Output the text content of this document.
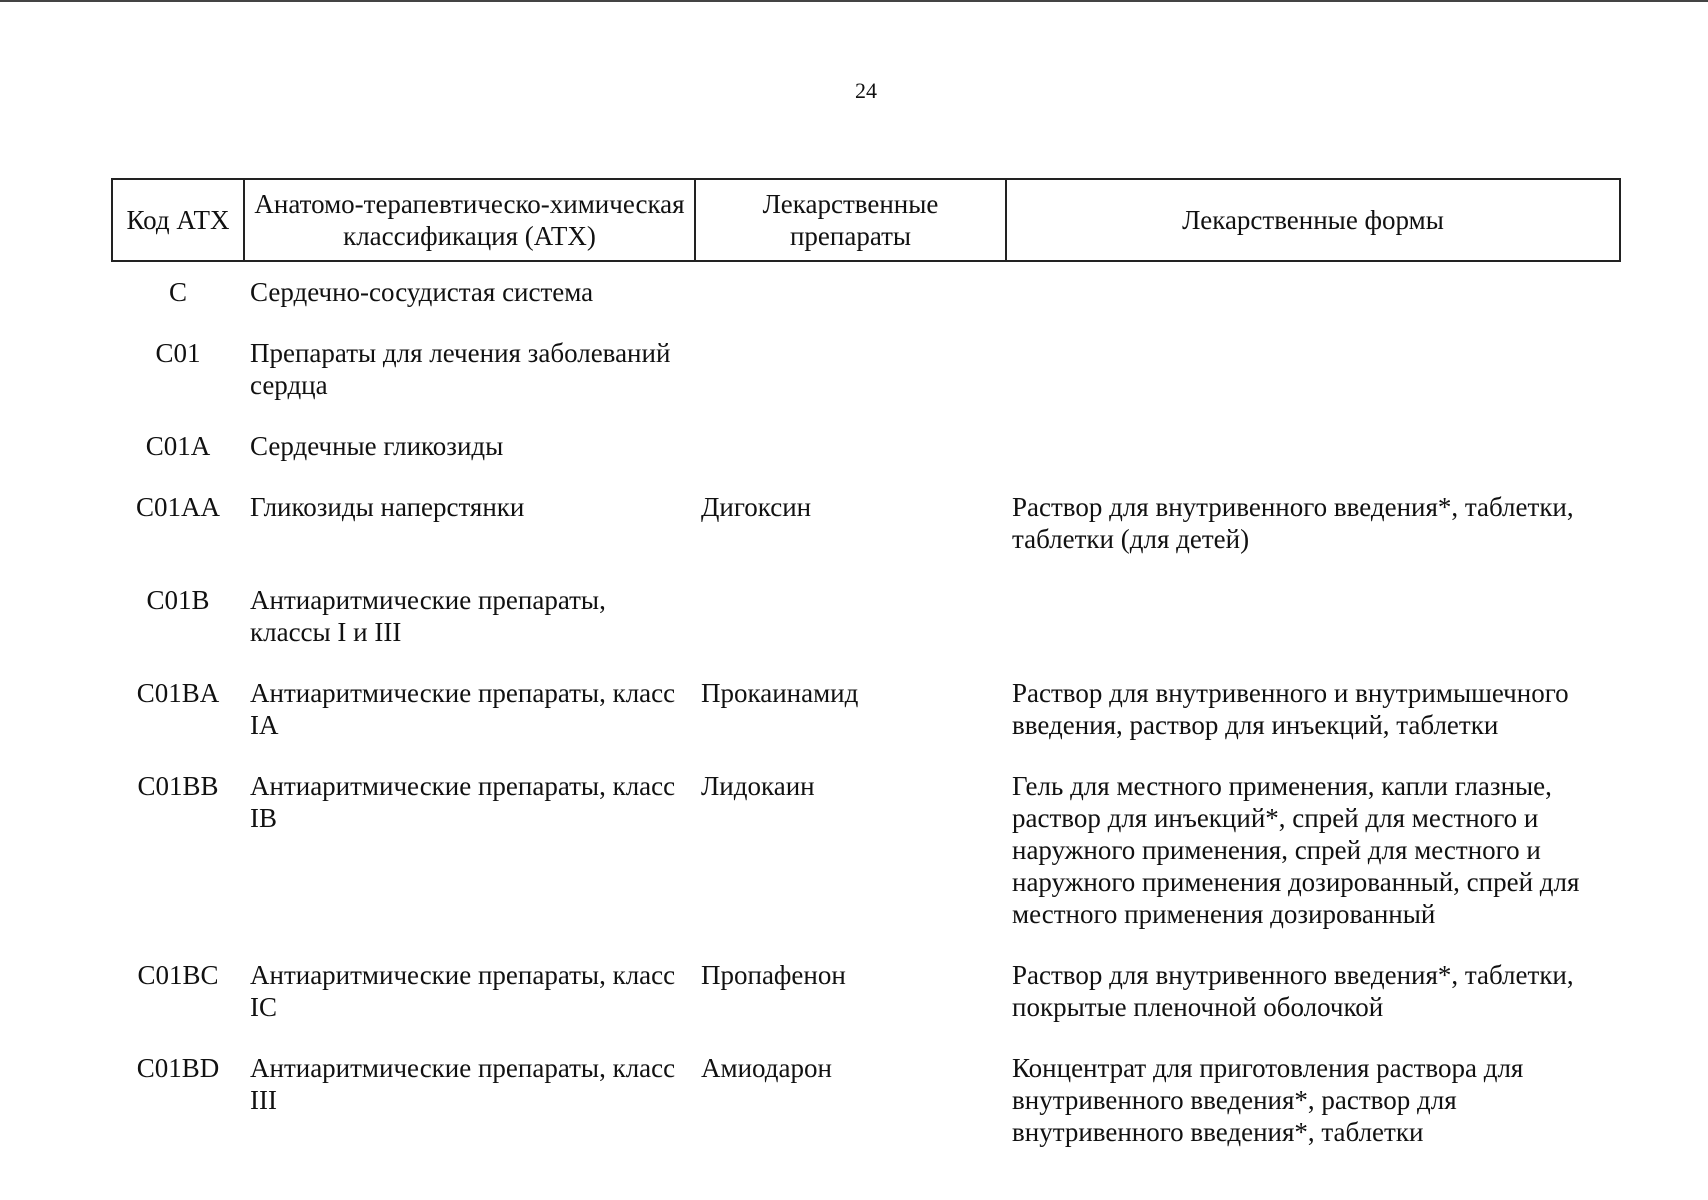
24
Код АТХ	Анатомо-терапевтическо-химическая классификация (АТХ)	Лекарственные препараты	Лекарственные формы
С	Сердечно-сосудистая система		
C01	Препараты для лечения заболеваний сердца		
C01A	Сердечные гликозиды		
C01AA	Гликозиды наперстянки	Дигоксин	Раствор для внутривенного введения*, таблетки, таблетки (для детей)
C01B	Антиаритмические препараты, классы I и III		
C01BA	Антиаритмические препараты, класс IA	Прокаинамид	Раствор для внутривенного и внутримышечного введения, раствор для инъекций, таблетки
C01BB	Антиаритмические препараты, класс IB	Лидокаин	Гель для местного применения, капли глазные, раствор для инъекций*, спрей для местного и наружного применения, спрей для местного и наружного применения дозированный, спрей для местного применения дозированный
C01BC	Антиаритмические препараты, класс IC	Пропафенон	Раствор для внутривенного введения*, таблетки, покрытые пленочной оболочкой
C01BD	Антиаритмические препараты, класс III	Амиодарон	Концентрат для приготовления раствора для внутривенного введения*, раствор для внутривенного введения*, таблетки
